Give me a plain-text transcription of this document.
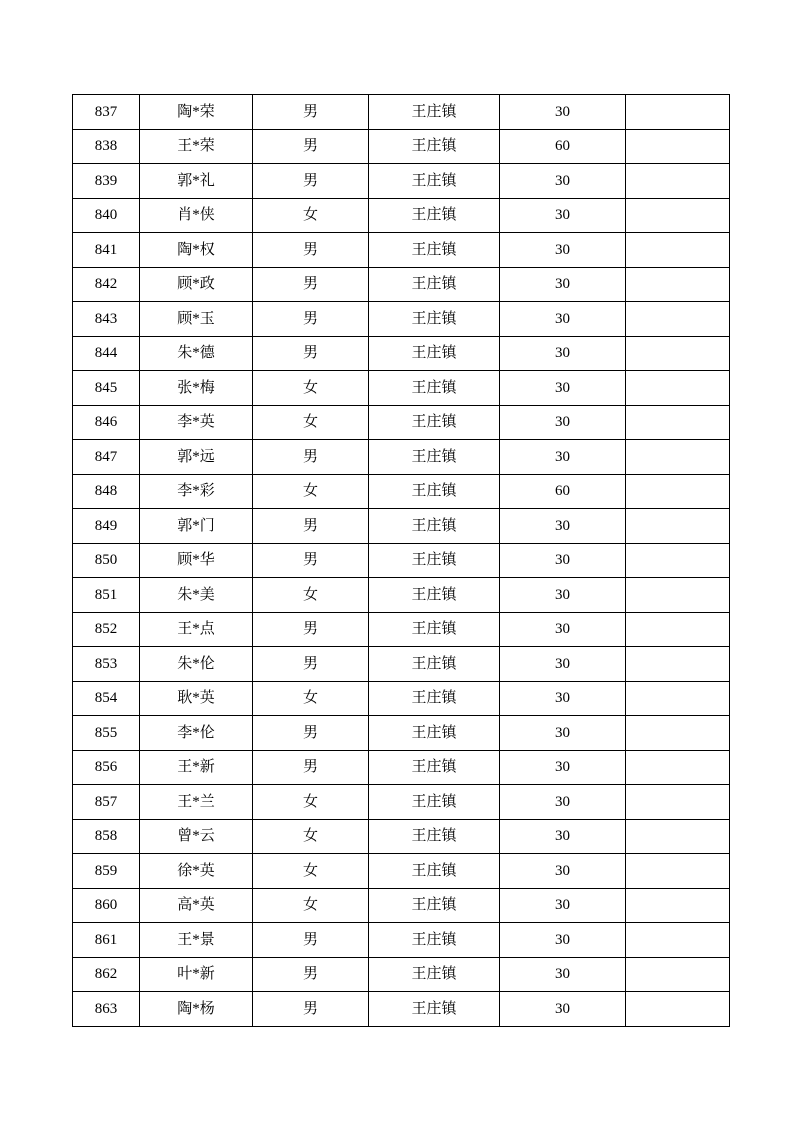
837	陶*荣	男	王庄镇	30	
838	王*荣	男	王庄镇	60	
839	郭*礼	男	王庄镇	30	
840	肖*侠	女	王庄镇	30	
841	陶*权	男	王庄镇	30	
842	顾*政	男	王庄镇	30	
843	顾*玉	男	王庄镇	30	
844	朱*德	男	王庄镇	30	
845	张*梅	女	王庄镇	30	
846	李*英	女	王庄镇	30	
847	郭*远	男	王庄镇	30	
848	李*彩	女	王庄镇	60	
849	郭*门	男	王庄镇	30	
850	顾*华	男	王庄镇	30	
851	朱*美	女	王庄镇	30	
852	王*点	男	王庄镇	30	
853	朱*伦	男	王庄镇	30	
854	耿*英	女	王庄镇	30	
855	李*伦	男	王庄镇	30	
856	王*新	男	王庄镇	30	
857	王*兰	女	王庄镇	30	
858	曾*云	女	王庄镇	30	
859	徐*英	女	王庄镇	30	
860	高*英	女	王庄镇	30	
861	王*景	男	王庄镇	30	
862	叶*新	男	王庄镇	30	
863	陶*杨	男	王庄镇	30	
